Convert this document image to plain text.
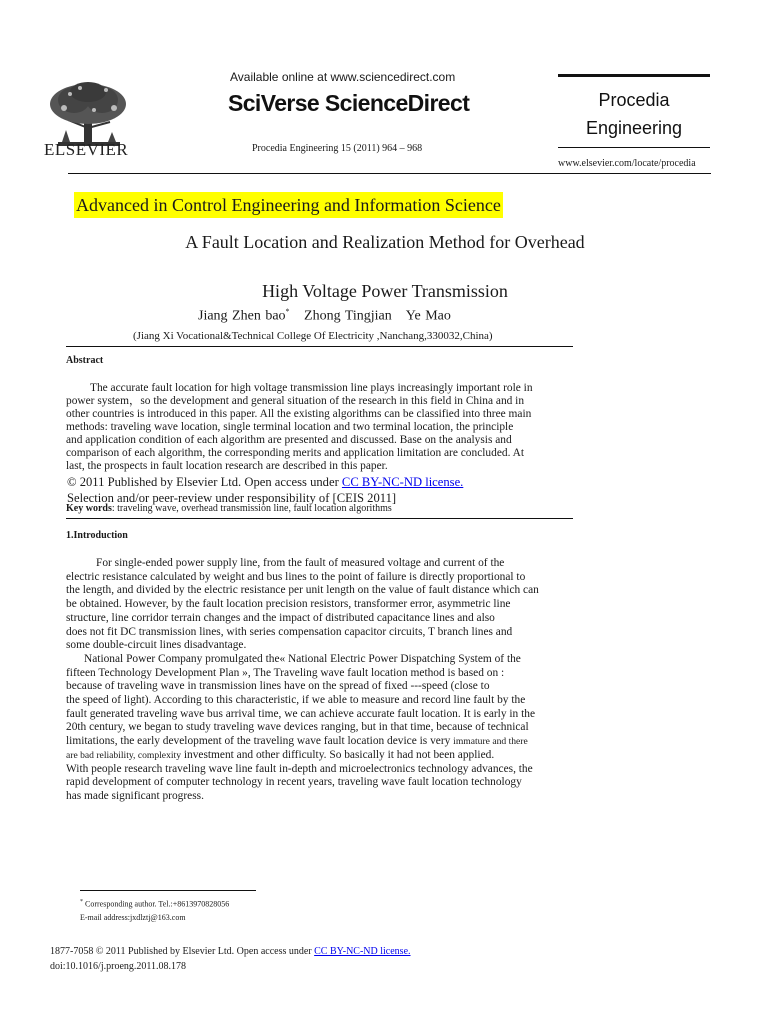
ELSEVIER
Available online at www.sciencedirect.com
SciVerse ScienceDirect
Procedia Engineering 15 (2011) 964 – 968
Procedia
Engineering
www.elsevier.com/locate/procedia
Advanced in Control Engineering and Information Science
A Fault Location and Realization Method for Overhead
High Voltage Power Transmission
Jiang Zhen bao* Zhong Tingjian Ye Mao
(Jiang Xi Vocational&Technical College Of Electricity ,Nanchang,330032,China)
Abstract
The accurate fault location for high voltage transmission line plays increasingly important role in
power system，so the development and general situation of the research in this field in China and in
other countries is introduced in this paper. All the existing algorithms can be classified into three main
methods: traveling wave location, single terminal location and two terminal location, the principle
and application condition of each algorithm are presented and discussed. Base on the analysis and
comparison of each algorithm, the corresponding merits and application limitation are concluded. At
last, the prospects in fault location research are described in this paper.
© 2011 Published by Elsevier Ltd. Open access under CC BY-NC-ND license.
Selection and/or peer-review under responsibility of [CEIS 2011]
Key words: traveling wave, overhead transmission line, fault location algorithms
1.Introduction

For single-ended power supply line, from the fault of measured voltage and current of the

electric resistance calculated by weight and bus lines to the point of failure is directly proportional to

the length, and divided by the electric resistance per unit length on the value of fault distance which can

be obtained. However, by the fault location precision resistors, transformer error, asymmetric line

structure, line corridor terrain changes and the impact of distributed capacitance lines and also

does not fit DC transmission lines, with series compensation capacitor circuits, T branch lines and

some double-circuit lines disadvantage.

National Power Company promulgated the« National Electric Power Dispatching System of the

fifteen Technology Development Plan », The Traveling wave fault location method is based on :

because of traveling wave in transmission lines have on the spread of fixed ---speed (close to

the speed of light). According to this characteristic, if we able to measure and record line fault by the

fault generated traveling wave bus arrival time, we can achieve accurate fault location. It is early in the

20th century, we began to study traveling wave devices ranging, but in that time, because of technical

limitations, the early development of the traveling wave fault location device is very immature and there

are bad reliability, complexity investment and other difficulty. So basically it had not been applied.

With people research traveling wave line fault in-depth and microelectronics technology advances, the

rapid development of computer technology in recent years, traveling wave fault location technology

has made significant progress.

* Corresponding author. Tel.:+8613970828056
E-mail address:jxdlztj@163.com
1877-7058 © 2011 Published by Elsevier Ltd. Open access under CC BY-NC-ND license.
doi:10.1016/j.proeng.2011.08.178
